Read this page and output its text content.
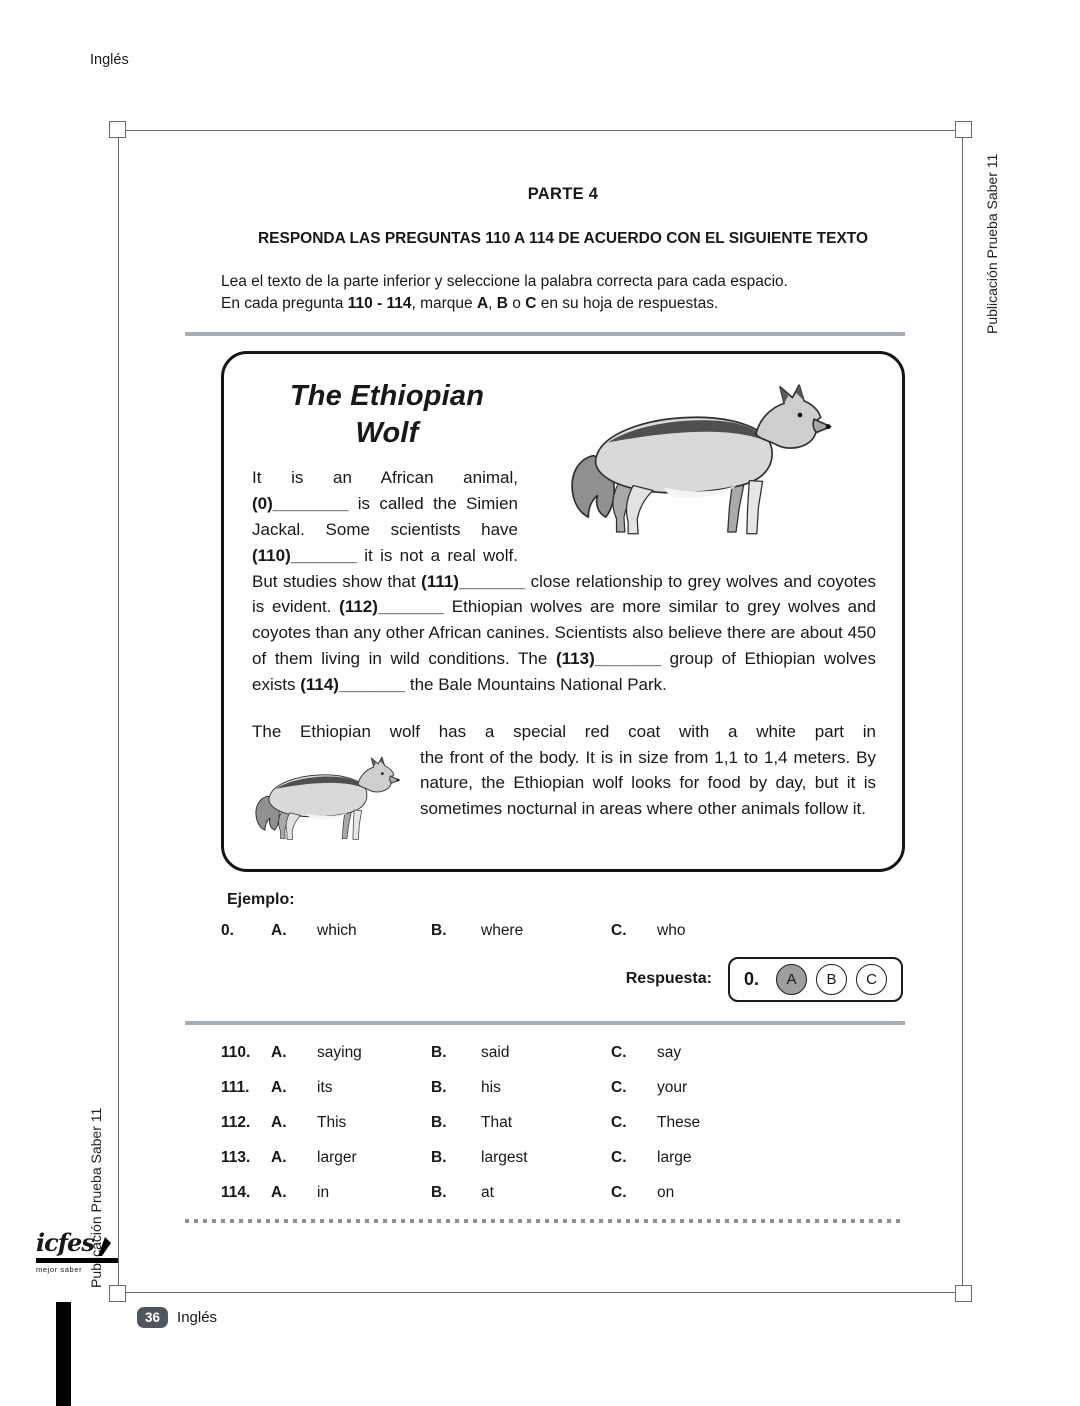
Inglés
Publicación Prueba Saber 11
Publicación Prueba Saber 11
PARTE 4
RESPONDA LAS PREGUNTAS 110 A 114 DE ACUERDO CON EL SIGUIENTE TEXTO

Lea el texto de la parte inferior y seleccione la palabra correcta para cada espacio.

En cada pregunta 110 - 114, marque A, B o C en su hoja de respuestas.

The Ethiopian
Wolf

It is an African animal, (0)________ is called the Simien Jackal. Some scientists have (110)_______ it is not a real wolf. But studies show that (111)_______ close relationship to grey wolves and coyotes is evident. (112)_______ Ethiopian wolves are more similar to grey wolves and coyotes than any other African canines. Scientists also believe there are about 450 of them living in wild conditions. The (113)_______ group of Ethiopian wolves exists (114)_______ the Bale Mountains National Park.

The Ethiopian wolf has a special red coat with a white part in

the front of the body. It is in size from 1,1 to 1,4 meters. By nature, the Ethiopian wolf looks for food by day, but it is sometimes nocturnal in areas where other animals follow it.

Ejemplo:
0.	A.	which	B.	where	C.	who
Respuesta: 0.	A	B	C
110.	A.	saying	B.	said	C.	say
111.	A.	its	B.	his	C.	your
112.	A.	This	B.	That	C.	These
113.	A.	larger	B.	largest	C.	large
114.	A.	in	B.	at	C.	on
36	Inglés
icfes
mejor saber
